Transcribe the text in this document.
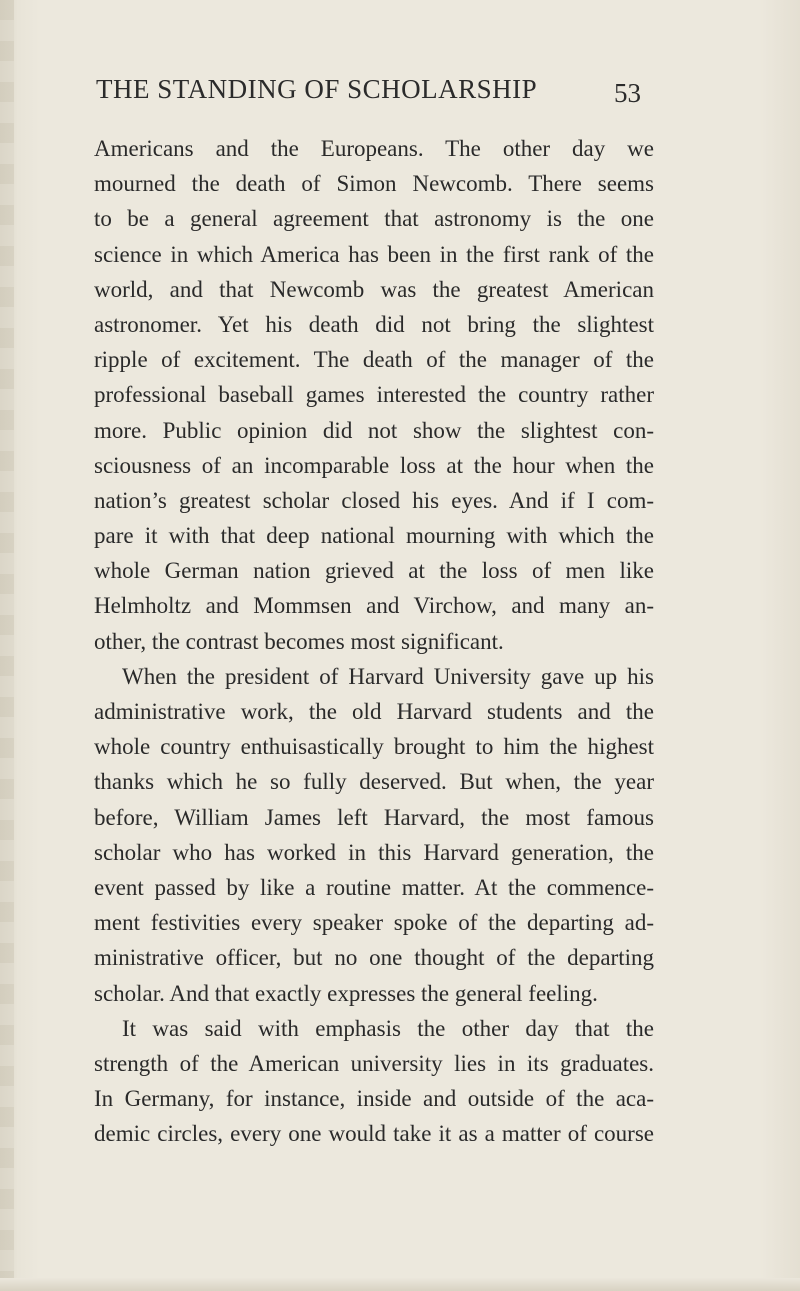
THE STANDING OF SCHOLARSHIP	53
Americans and the Europeans. The other day we
mourned the death of Simon Newcomb. There seems
to be a general agreement that astronomy is the one
science in which America has been in the first rank of the
world, and that Newcomb was the greatest American
astronomer. Yet his death did not bring the slightest
ripple of excitement. The death of the manager of the
professional baseball games interested the country rather
more. Public opinion did not show the slightest con-
sciousness of an incomparable loss at the hour when the
nation’s greatest scholar closed his eyes. And if I com-
pare it with that deep national mourning with which the
whole German nation grieved at the loss of men like
Helmholtz and Mommsen and Virchow, and many an-
other, the contrast becomes most significant.
When the president of Harvard University gave up his
administrative work, the old Harvard students and the
whole country enthuisastically brought to him the highest
thanks which he so fully deserved. But when, the year
before, William James left Harvard, the most famous
scholar who has worked in this Harvard generation, the
event passed by like a routine matter. At the commence-
ment festivities every speaker spoke of the departing ad-
ministrative officer, but no one thought of the departing
scholar. And that exactly expresses the general feeling.
It was said with emphasis the other day that the
strength of the American university lies in its graduates.
In Germany, for instance, inside and outside of the aca-
demic circles, every one would take it as a matter of course
